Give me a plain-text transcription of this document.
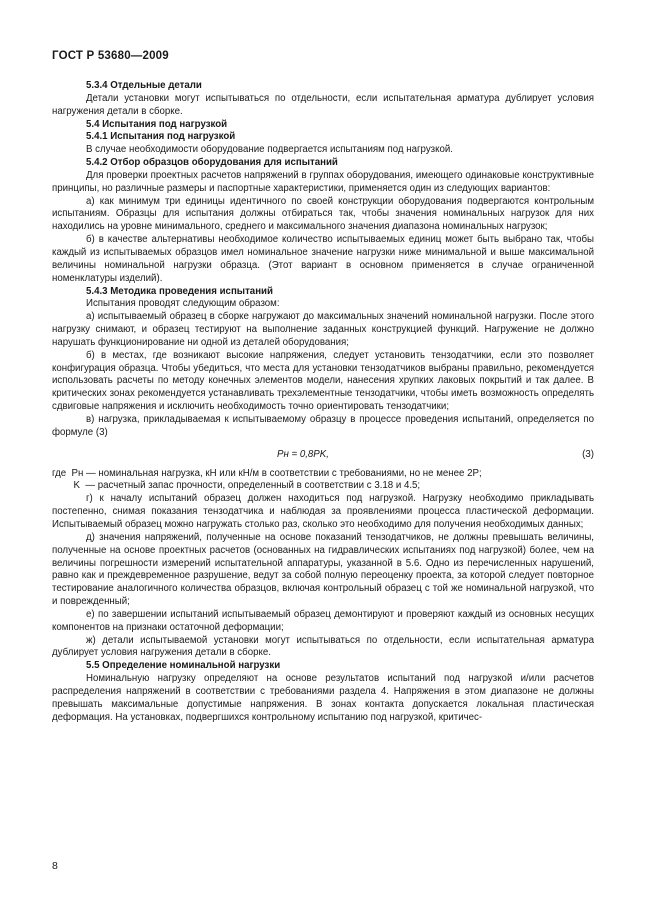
ГОСТ Р 53680—2009

5.3.4 Отдельные детали

Детали установки могут испытываться по отдельности, если испытательная арматура дублирует условия нагружения детали в сборке.

5.4 Испытания под нагрузкой

5.4.1 Испытания под нагрузкой

В случае необходимости оборудование подвергается испытаниям под нагрузкой.

5.4.2 Отбор образцов оборудования для испытаний

Для проверки проектных расчетов напряжений в группах оборудования, имеющего одинаковые конструктивные принципы, но различные размеры и паспортные характеристики, применяется один из следующих вариантов:

а) как минимум три единицы идентичного по своей конструкции оборудования подвергаются контрольным испытаниям. Образцы для испытания должны отбираться так, чтобы значения номинальных нагрузок для них находились на уровне минимального, среднего и максимального значения диапазона номинальных нагрузок;

б) в качестве альтернативы необходимое количество испытываемых единиц может быть выбрано так, чтобы каждый из испытываемых образцов имел номинальное значение нагрузки ниже минимальной и выше максимальной величины номинальной нагрузки образца. (Этот вариант в основном применяется в случае ограниченной номенклатуры изделий).

5.4.3 Методика проведения испытаний

Испытания проводят следующим образом:

а) испытываемый образец в сборке нагружают до максимальных значений номинальной нагрузки. После этого нагрузку снимают, и образец тестируют на выполнение заданных конструкцией функций. Нагружение не должно нарушать функционирование ни одной из деталей оборудования;

б) в местах, где возникают высокие напряжения, следует установить тензодатчики, если это позволяет конфигурация образца. Чтобы убедиться, что места для установки тензодатчиков выбраны правильно, рекомендуется использовать расчеты по методу конечных элементов модели, нанесения хрупких лаковых покрытий и так далее. В критических зонах рекомендуется устанавливать трехэлементные тензодатчики, чтобы иметь возможность определять сдвиговые напряжения и исключить необходимость точно ориентировать тензодатчики;

в) нагрузка, прикладываемая к испытываемому образцу в процессе проведения испытаний, определяется по формуле (3)

Pн = 0,8PK,	(3)

где  Pн — номинальная нагрузка, кН или кН/м в соответствии с требованиями, но не менее 2P;

K  — расчетный запас прочности, определенный в соответствии с 3.18 и 4.5;

г) к началу испытаний образец должен находиться под нагрузкой. Нагрузку необходимо прикладывать постепенно, снимая показания тензодатчика и наблюдая за проявлениями процесса пластической деформации. Испытываемый образец можно нагружать столько раз, сколько это необходимо для получения необходимых данных;

д) значения напряжений, полученные на основе показаний тензодатчиков, не должны превышать величины, полученные на основе проектных расчетов (основанных на гидравлических испытаниях под нагрузкой) более, чем на величины погрешности измерений испытательной аппаратуры, указанной в 5.6. Одно из перечисленных нарушений, равно как и преждевременное разрушение, ведут за собой полную переоценку проекта, за которой следует повторное тестирование аналогичного количества образцов, включая контрольный образец с той же номинальной нагрузкой, что и поврежденный;

е) по завершении испытаний испытываемый образец демонтируют и проверяют каждый из основных несущих компонентов на признаки остаточной деформации;

ж) детали испытываемой установки могут испытываться по отдельности, если испытательная арматура дублирует условия нагружения детали в сборке.

5.5 Определение номинальной нагрузки

Номинальную нагрузку определяют на основе результатов испытаний под нагрузкой и/или расчетов распределения напряжений в соответствии с требованиями раздела 4. Напряжения в этом диапазоне не должны превышать максимальные допустимые напряжения. В зонах контакта допускается локальная пластическая деформация. На установках, подвергшихся контрольному испытанию под нагрузкой, критичес-

8
